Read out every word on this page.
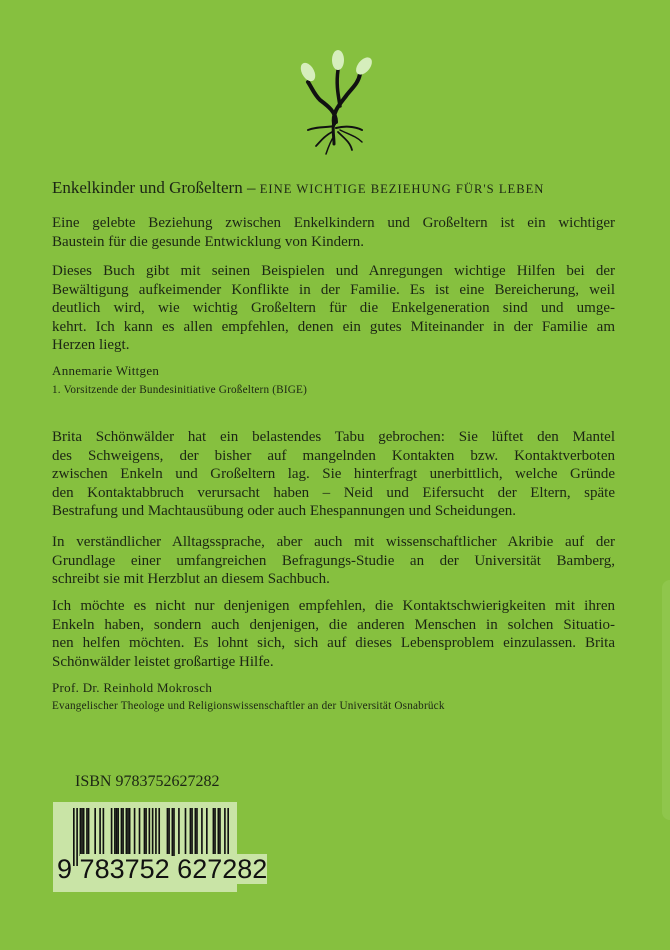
Enkelkinder und Großeltern – EINE WICHTIGE BEZIEHUNG FÜR'S LEBEN
Eine gelebte Beziehung zwischen Enkelkindern und Großeltern ist ein wichtiger
Baustein für die gesunde Entwicklung von Kindern.
Dieses Buch gibt mit seinen Beispielen und Anregungen wichtige Hilfen bei der
Bewältigung aufkeimender Konflikte in der Familie. Es ist eine Bereicherung, weil
deutlich wird, wie wichtig Großeltern für die Enkelgeneration sind und umge-
kehrt. Ich kann es allen empfehlen, denen ein gutes Miteinander in der Familie am
Herzen liegt.
Annemarie Wittgen
1. Vorsitzende der Bundesinitiative Großeltern (BIGE)
Brita Schönwälder hat ein belastendes Tabu gebrochen: Sie lüftet den Mantel
des Schweigens, der bisher auf mangelnden Kontakten bzw. Kontaktverboten
zwischen Enkeln und Großeltern lag. Sie hinterfragt unerbittlich, welche Gründe
den Kontaktabbruch verursacht haben – Neid und Eifersucht der Eltern, späte
Bestrafung und Machtausübung oder auch Ehespannungen und Scheidungen.
In verständlicher Alltagssprache, aber auch mit wissenschaftlicher Akribie auf der
Grundlage einer umfangreichen Befragungs-Studie an der Universität Bamberg,
schreibt sie mit Herzblut an diesem Sachbuch.
Ich möchte es nicht nur denjenigen empfehlen, die Kontaktschwierigkeiten mit ihren
Enkeln haben, sondern auch denjenigen, die anderen Menschen in solchen Situatio-
nen helfen möchten. Es lohnt sich, sich auf dieses Lebensproblem einzulassen. Brita
Schönwälder leistet großartige Hilfe.
Prof. Dr. Reinhold Mokrosch
Evangelischer Theologe und Religionswissenschaftler an der Universität Osnabrück
ISBN 9783752627282
9 783752 627282
